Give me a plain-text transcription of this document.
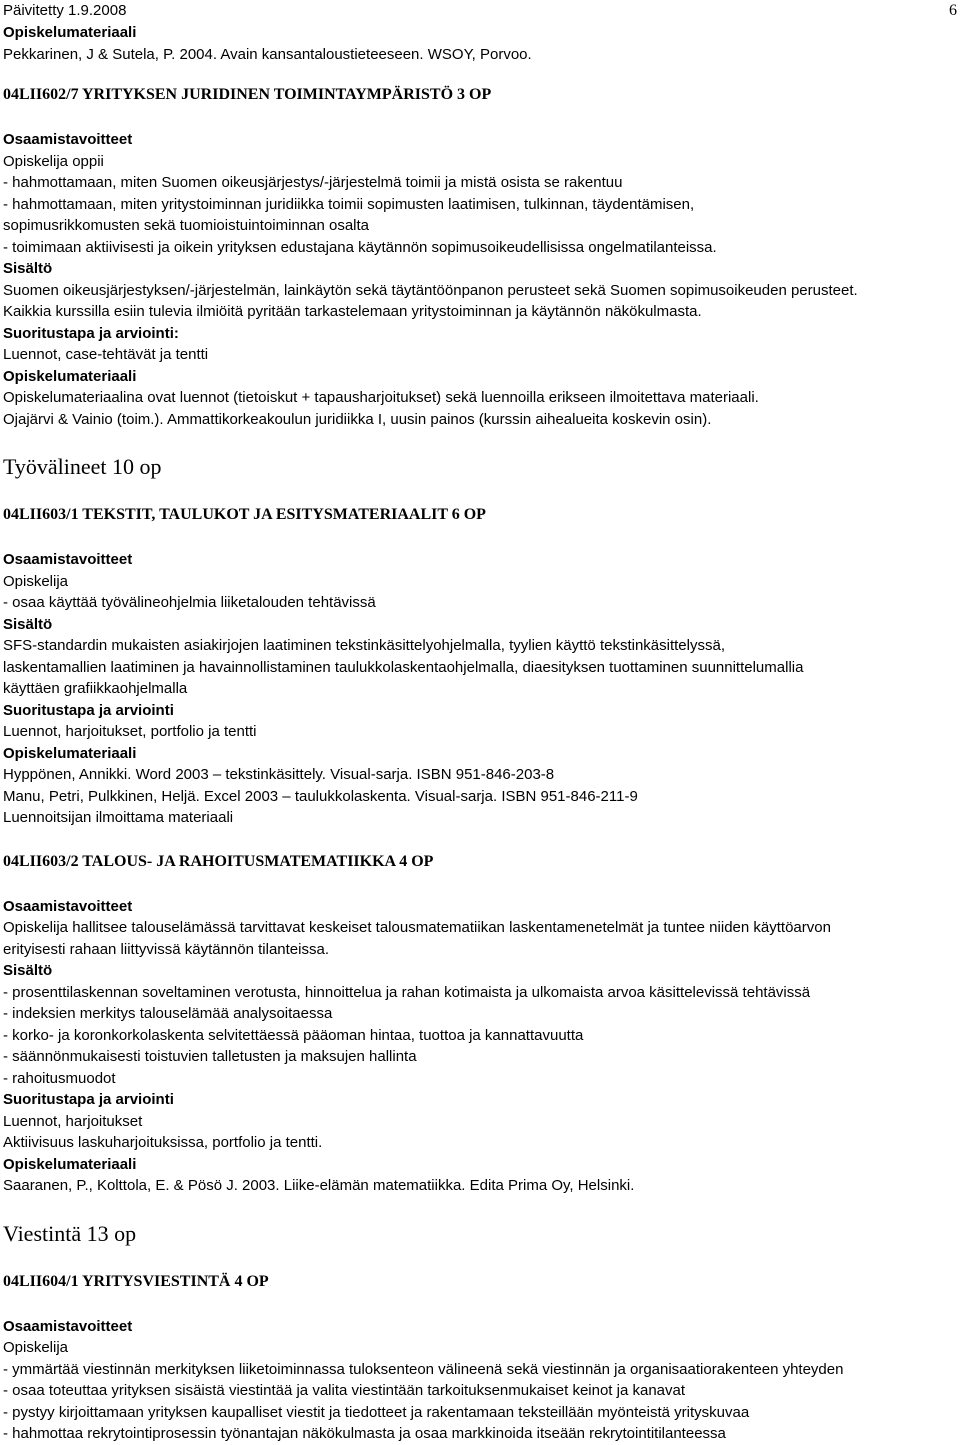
Päivitetty 1.9.2008	6
Opiskelumateriaali
Pekkarinen, J & Sutela, P. 2004. Avain kansantaloustieteeseen. WSOY, Porvoo.
04LII602/7 YRITYKSEN JURIDINEN TOIMINTAYMPÄRISTÖ 3 OP
Osaamistavoitteet
Opiskelija oppii
- hahmottamaan, miten Suomen oikeusjärjestys/-järjestelmä toimii ja mistä osista se rakentuu
- hahmottamaan, miten yritystoiminnan juridiikka toimii sopimusten laatimisen, tulkinnan, täydentämisen,
sopimusrikkomusten sekä tuomioistuintoiminnan osalta
- toimimaan aktiivisesti ja oikein yrityksen edustajana käytännön sopimusoikeudellisissa ongelmatilanteissa.
Sisältö
Suomen oikeusjärjestyksen/-järjestelmän, lainkäytön sekä täytäntöönpanon perusteet sekä Suomen sopimusoikeuden perusteet.
Kaikkia kurssilla esiin tulevia ilmiöitä pyritään tarkastelemaan yritystoiminnan ja käytännön näkökulmasta.
Suoritustapa ja arviointi:
Luennot, case-tehtävät ja tentti
Opiskelumateriaali
Opiskelumateriaalina ovat luennot (tietoiskut + tapausharjoitukset) sekä luennoilla erikseen ilmoitettava materiaali.
Ojajärvi & Vainio (toim.). Ammattikorkeakoulun juridiikka I, uusin painos (kurssin aihealueita koskevin osin).
Työvälineet 10 op
04LII603/1 TEKSTIT, TAULUKOT JA ESITYSMATERIAALIT 6 OP
Osaamistavoitteet
Opiskelija
- osaa käyttää työvälineohjelmia liiketalouden tehtävissä
Sisältö
SFS-standardin mukaisten asiakirjojen laatiminen tekstinkäsittelyohjelmalla, tyylien käyttö tekstinkäsittelyssä,
laskentamallien laatiminen ja havainnollistaminen taulukkolaskentaohjelmalla, diaesityksen tuottaminen suunnittelumallia
käyttäen grafiikkaohjelmalla
Suoritustapa ja arviointi
Luennot, harjoitukset, portfolio ja tentti
Opiskelumateriaali
Hyppönen, Annikki. Word 2003 – tekstinkäsittely. Visual-sarja. ISBN 951-846-203-8
Manu, Petri, Pulkkinen, Heljä. Excel 2003 – taulukkolaskenta. Visual-sarja. ISBN 951-846-211-9
Luennoitsijan ilmoittama materiaali
04LII603/2 TALOUS- JA RAHOITUSMATEMATIIKKA 4 OP
Osaamistavoitteet
Opiskelija hallitsee talouselämässä tarvittavat keskeiset talousmatematiikan laskentamenetelmät ja tuntee niiden käyttöarvon
erityisesti rahaan liittyvissä käytännön tilanteissa.
Sisältö
- prosenttilaskennan soveltaminen verotusta, hinnoittelua ja rahan kotimaista ja ulkomaista arvoa käsittelevissä tehtävissä
- indeksien merkitys talouselämää analysoitaessa
- korko- ja koronkorkolaskenta selvitettäessä pääoman hintaa, tuottoa ja kannattavuutta
- säännönmukaisesti toistuvien talletusten ja maksujen hallinta
- rahoitusmuodot
Suoritustapa ja arviointi
Luennot, harjoitukset
Aktiivisuus laskuharjoituksissa, portfolio ja tentti.
Opiskelumateriaali
Saaranen, P., Kolttola, E. & Pösö J. 2003. Liike-elämän matematiikka. Edita Prima Oy, Helsinki.
Viestintä 13 op
04LII604/1 YRITYSVIESTINTÄ 4 OP
Osaamistavoitteet
Opiskelija
- ymmärtää viestinnän merkityksen liiketoiminnassa tuloksenteon välineenä sekä viestinnän ja organisaatiorakenteen yhteyden
- osaa toteuttaa yrityksen sisäistä viestintää ja valita viestintään tarkoituksenmukaiset keinot ja kanavat
- pystyy kirjoittamaan yrityksen kaupalliset viestit ja tiedotteet ja rakentamaan teksteillään myönteistä yrityskuvaa
- hahmottaa rekrytointiprosessin työnantajan näkökulmasta ja osaa markkinoida itseään rekrytointitilanteessa
